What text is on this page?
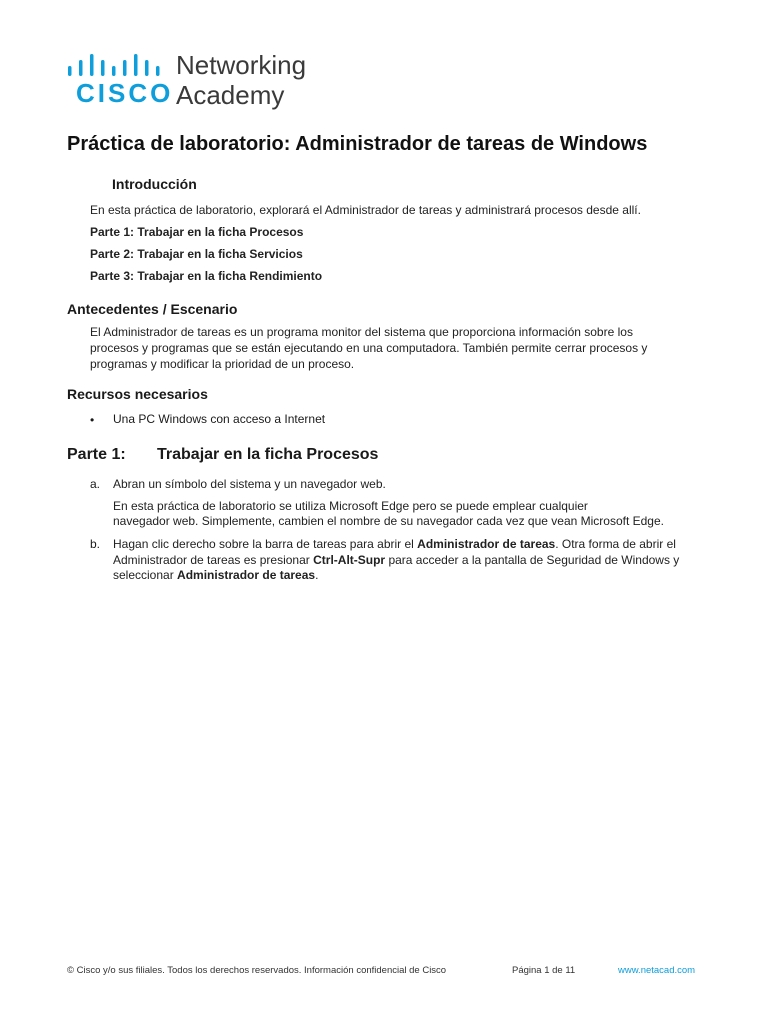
CISCO
Networking
Academy
Práctica de laboratorio: Administrador de tareas de Windows
Introducción
En esta práctica de laboratorio, explorará el Administrador de tareas y administrará procesos desde allí.
Parte 1: Trabajar en la ficha Procesos
Parte 2: Trabajar en la ficha Servicios
Parte 3: Trabajar en la ficha Rendimiento
Antecedentes / Escenario
El Administrador de tareas es un programa monitor del sistema que proporciona información sobre los
procesos y programas que se están ejecutando en una computadora. También permite cerrar procesos y
programas y modificar la prioridad de un proceso.
Recursos necesarios
• Una PC Windows con acceso a Internet
Parte 1: Trabajar en la ficha Procesos
a. Abran un símbolo del sistema y un navegador web.
En esta práctica de laboratorio se utiliza Microsoft Edge pero se puede emplear cualquier
navegador web. Simplemente, cambien el nombre de su navegador cada vez que vean Microsoft Edge.
b. Hagan clic derecho sobre la barra de tareas para abrir el Administrador de tareas. Otra forma de abrir el Administrador de tareas es presionar Ctrl-Alt-Supr para acceder a la pantalla de Seguridad de Windows y seleccionar Administrador de tareas.
© Cisco y/o sus filiales. Todos los derechos reservados. Información confidencial de Cisco	Página 1 de 11	www.netacad.com
